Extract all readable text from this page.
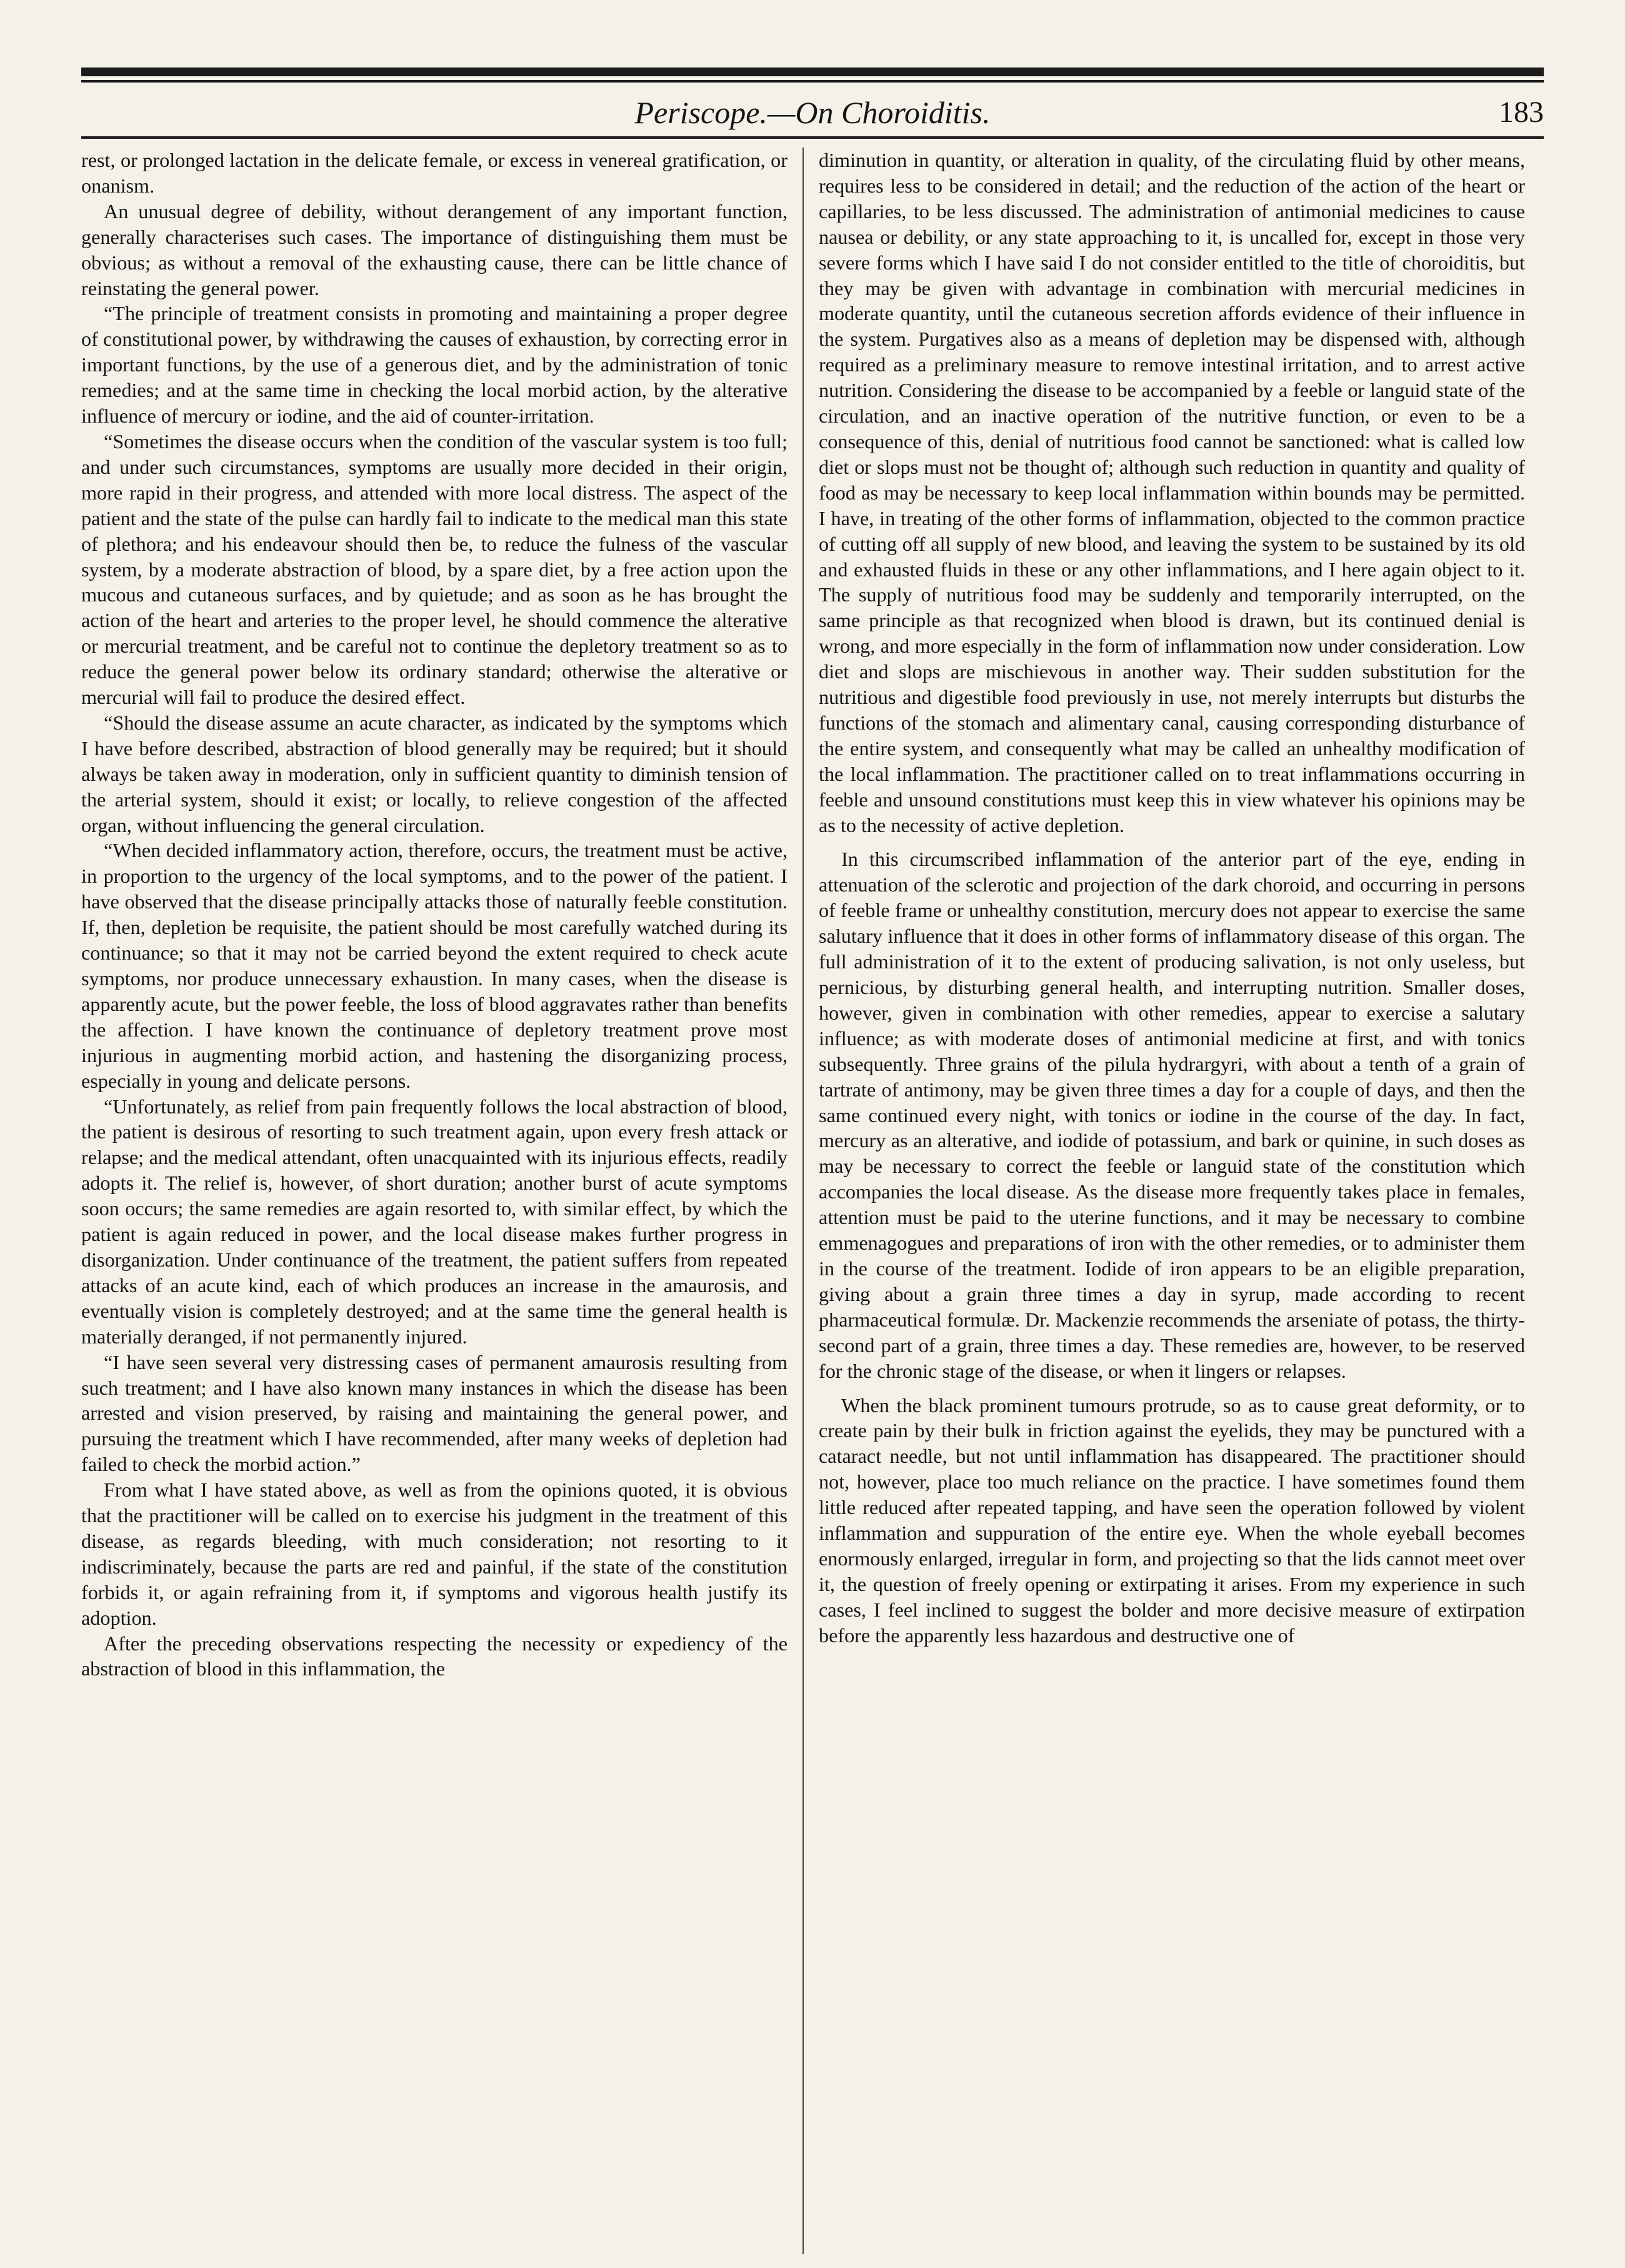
Periscope.—On Choroiditis.	183

rest, or prolonged lactation in the delicate female, or excess in venereal gratification, or onanism.

An unusual degree of debility, without derangement of any important function, generally characterises such cases. The importance of distinguishing them must be obvious; as without a removal of the exhausting cause, there can be little chance of reinstating the general power.

“The principle of treatment consists in promoting and maintaining a proper degree of constitutional power, by withdrawing the causes of exhaustion, by correcting error in important functions, by the use of a generous diet, and by the administration of tonic remedies; and at the same time in checking the local morbid action, by the alterative influence of mercury or iodine, and the aid of counter-irritation.

“Sometimes the disease occurs when the condition of the vascular system is too full; and under such circumstances, symptoms are usually more decided in their origin, more rapid in their progress, and attended with more local distress. The aspect of the patient and the state of the pulse can hardly fail to indicate to the medical man this state of plethora; and his endeavour should then be, to reduce the fulness of the vascular system, by a moderate abstraction of blood, by a spare diet, by a free action upon the mucous and cutaneous surfaces, and by quietude; and as soon as he has brought the action of the heart and arteries to the proper level, he should commence the alterative or mercurial treatment, and be careful not to continue the depletory treatment so as to reduce the general power below its ordinary standard; otherwise the alterative or mercurial will fail to produce the desired effect.

“Should the disease assume an acute character, as indicated by the symptoms which I have before described, abstraction of blood generally may be required; but it should always be taken away in moderation, only in sufficient quantity to diminish tension of the arterial system, should it exist; or locally, to relieve congestion of the affected organ, without influencing the general circulation.

“When decided inflammatory action, therefore, occurs, the treatment must be active, in proportion to the urgency of the local symptoms, and to the power of the patient. I have observed that the disease principally attacks those of naturally feeble constitution. If, then, depletion be requisite, the patient should be most carefully watched during its continuance; so that it may not be carried beyond the extent required to check acute symptoms, nor produce unnecessary exhaustion. In many cases, when the disease is apparently acute, but the power feeble, the loss of blood aggravates rather than benefits the affection. I have known the continuance of depletory treatment prove most injurious in augmenting morbid action, and hastening the disorganizing process, especially in young and delicate persons.

“Unfortunately, as relief from pain frequently follows the local abstraction of blood, the patient is desirous of resorting to such treatment again, upon every fresh attack or relapse; and the medical attendant, often unacquainted with its injurious effects, readily adopts it. The relief is, however, of short duration; another burst of acute symptoms soon occurs; the same remedies are again resorted to, with similar effect, by which the patient is again reduced in power, and the local disease makes further progress in disorganization. Under continuance of the treatment, the patient suffers from repeated attacks of an acute kind, each of which produces an increase in the amaurosis, and eventually vision is completely destroyed; and at the same time the general health is materially deranged, if not permanently injured.

“I have seen several very distressing cases of permanent amaurosis resulting from such treatment; and I have also known many instances in which the disease has been arrested and vision preserved, by raising and maintaining the general power, and pursuing the treatment which I have recommended, after many weeks of depletion had failed to check the morbid action.”

From what I have stated above, as well as from the opinions quoted, it is obvious that the practitioner will be called on to exercise his judgment in the treatment of this disease, as regards bleeding, with much consideration; not resorting to it indiscriminately, because the parts are red and painful, if the state of the constitution forbids it, or again refraining from it, if symptoms and vigorous health justify its adoption.

After the preceding observations respecting the necessity or expediency of the abstraction of blood in this inflammation, the

diminution in quantity, or alteration in quality, of the circulating fluid by other means, requires less to be considered in detail; and the reduction of the action of the heart or capillaries, to be less discussed. The administration of antimonial medicines to cause nausea or debility, or any state approaching to it, is uncalled for, except in those very severe forms which I have said I do not consider entitled to the title of choroiditis, but they may be given with advantage in combination with mercurial medicines in moderate quantity, until the cutaneous secretion affords evidence of their influence in the system. Purgatives also as a means of depletion may be dispensed with, although required as a preliminary measure to remove intestinal irritation, and to arrest active nutrition. Considering the disease to be accompanied by a feeble or languid state of the circulation, and an inactive operation of the nutritive function, or even to be a consequence of this, denial of nutritious food cannot be sanctioned: what is called low diet or slops must not be thought of; although such reduction in quantity and quality of food as may be necessary to keep local inflammation within bounds may be permitted. I have, in treating of the other forms of inflammation, objected to the common practice of cutting off all supply of new blood, and leaving the system to be sustained by its old and exhausted fluids in these or any other inflammations, and I here again object to it. The supply of nutritious food may be suddenly and temporarily interrupted, on the same principle as that recognized when blood is drawn, but its continued denial is wrong, and more especially in the form of inflammation now under consideration. Low diet and slops are mischievous in another way. Their sudden substitution for the nutritious and digestible food previously in use, not merely interrupts but disturbs the functions of the stomach and alimentary canal, causing corresponding disturbance of the entire system, and consequently what may be called an unhealthy modification of the local inflammation. The practitioner called on to treat inflammations occurring in feeble and unsound constitutions must keep this in view whatever his opinions may be as to the necessity of active depletion.

In this circumscribed inflammation of the anterior part of the eye, ending in attenuation of the sclerotic and projection of the dark choroid, and occurring in persons of feeble frame or unhealthy constitution, mercury does not appear to exercise the same salutary influence that it does in other forms of inflammatory disease of this organ. The full administration of it to the extent of producing salivation, is not only useless, but pernicious, by disturbing general health, and interrupting nutrition. Smaller doses, however, given in combination with other remedies, appear to exercise a salutary influence; as with moderate doses of antimonial medicine at first, and with tonics subsequently. Three grains of the pilula hydrargyri, with about a tenth of a grain of tartrate of antimony, may be given three times a day for a couple of days, and then the same continued every night, with tonics or iodine in the course of the day. In fact, mercury as an alterative, and iodide of potassium, and bark or quinine, in such doses as may be necessary to correct the feeble or languid state of the constitution which accompanies the local disease. As the disease more frequently takes place in females, attention must be paid to the uterine functions, and it may be necessary to combine emmenagogues and preparations of iron with the other remedies, or to administer them in the course of the treatment. Iodide of iron appears to be an eligible preparation, giving about a grain three times a day in syrup, made according to recent pharmaceutical formulæ. Dr. Mackenzie recommends the arseniate of potass, the thirty-second part of a grain, three times a day. These remedies are, however, to be reserved for the chronic stage of the disease, or when it lingers or relapses.

When the black prominent tumours protrude, so as to cause great deformity, or to create pain by their bulk in friction against the eyelids, they may be punctured with a cataract needle, but not until inflammation has disappeared. The practitioner should not, however, place too much reliance on the practice. I have sometimes found them little reduced after repeated tapping, and have seen the operation followed by violent inflammation and suppuration of the entire eye. When the whole eyeball becomes enormously enlarged, irregular in form, and projecting so that the lids cannot meet over it, the question of freely opening or extirpating it arises. From my experience in such cases, I feel inclined to suggest the bolder and more decisive measure of extirpation before the apparently less hazardous and destructive one of
